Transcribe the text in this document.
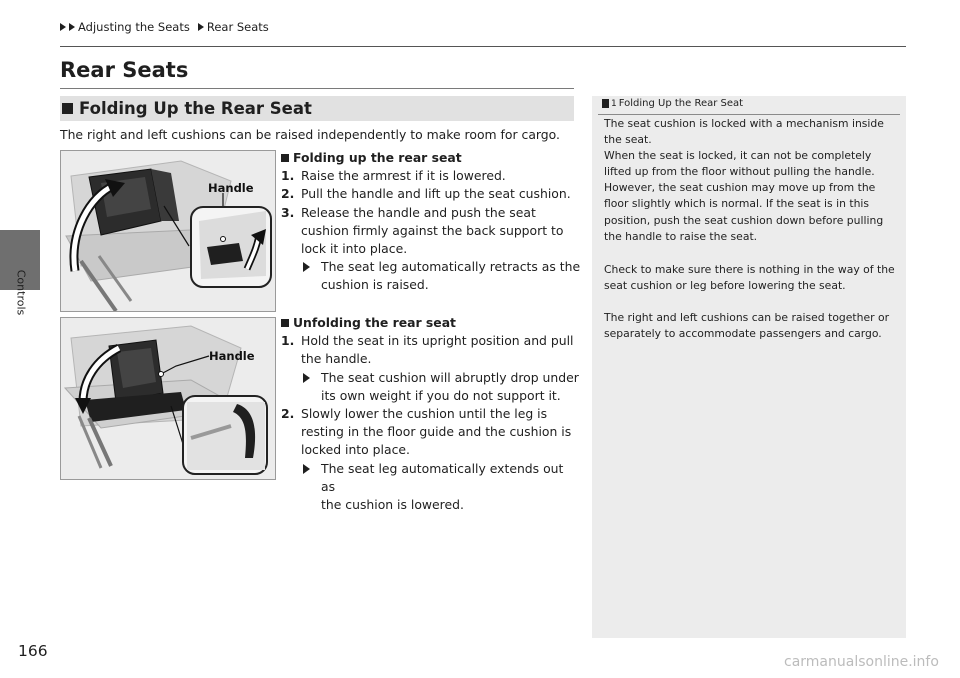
Adjusting the Seats Rear Seats
Controls
Rear Seats
Folding Up the Rear Seat
The right and left cushions can be raised independently to make room for cargo.
Handle
Handle
Folding up the rear seat
1. Raise the armrest if it is lowered.
2. Pull the handle and lift up the seat cushion.
3. Release the handle and push the seat
cushion firmly against the back support to
lock it into place.
The seat leg automatically retracts as the
cushion is raised.
Unfolding the rear seat
1. Hold the seat in its upright position and pull
the handle.
The seat cushion will abruptly drop under
its own weight if you do not support it.
2. Slowly lower the cushion until the leg is
resting in the floor guide and the cushion is
locked into place.
The seat leg automatically extends out as
the cushion is lowered.
1 Folding Up the Rear Seat

The seat cushion is locked with a mechanism inside the seat.
When the seat is locked, it can not be completely lifted up from the floor without pulling the handle. However, the seat cushion may move up from the floor slightly which is normal. If the seat is in this position, push the seat cushion down before pulling the handle to raise the seat.

Check to make sure there is nothing in the way of the seat cushion or leg before lowering the seat.

The right and left cushions can be raised together or separately to accommodate passengers and cargo.

166
carmanualsonline.info
